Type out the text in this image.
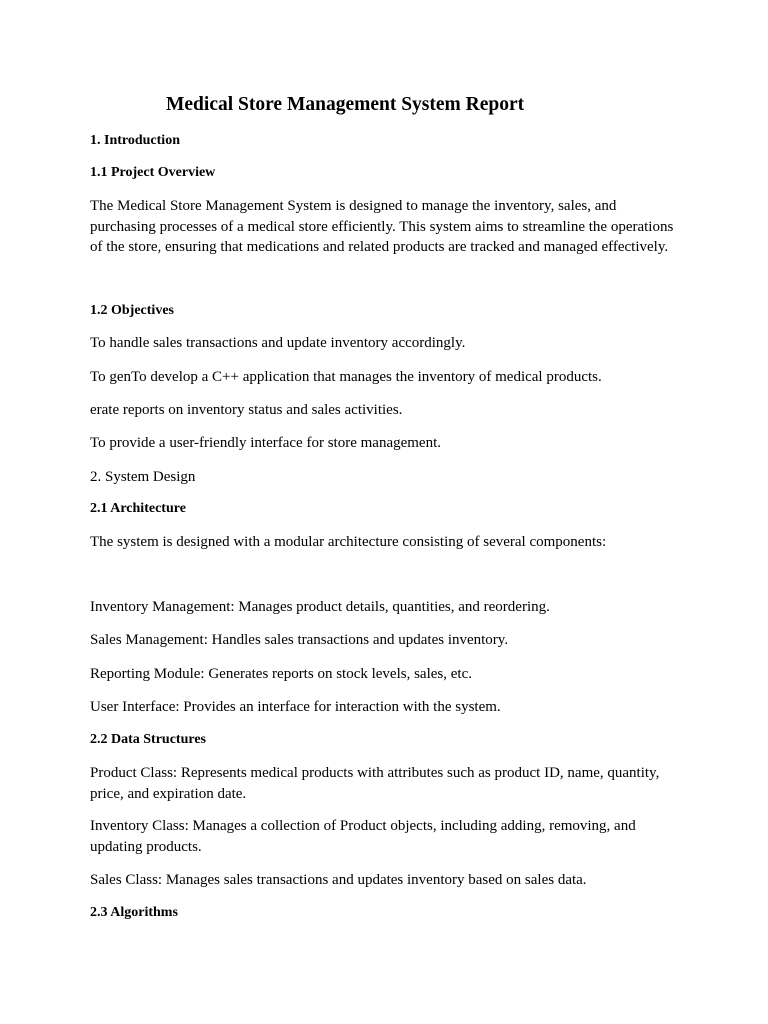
Medical Store Management System Report
1. Introduction
1.1 Project Overview
The Medical Store Management System is designed to manage the inventory, sales, and purchasing processes of a medical store efficiently. This system aims to streamline the operations of the store, ensuring that medications and related products are tracked and managed effectively.
1.2 Objectives
To handle sales transactions and update inventory accordingly.
To genTo develop a C++ application that manages the inventory of medical products.
erate reports on inventory status and sales activities.
To provide a user-friendly interface for store management.
2. System Design
2.1 Architecture
The system is designed with a modular architecture consisting of several components:
Inventory Management: Manages product details, quantities, and reordering.
Sales Management: Handles sales transactions and updates inventory.
Reporting Module: Generates reports on stock levels, sales, etc.
User Interface: Provides an interface for interaction with the system.
2.2 Data Structures
Product Class: Represents medical products with attributes such as product ID, name, quantity, price, and expiration date.
Inventory Class: Manages a collection of Product objects, including adding, removing, and updating products.
Sales Class: Manages sales transactions and updates inventory based on sales data.
2.3 Algorithms
